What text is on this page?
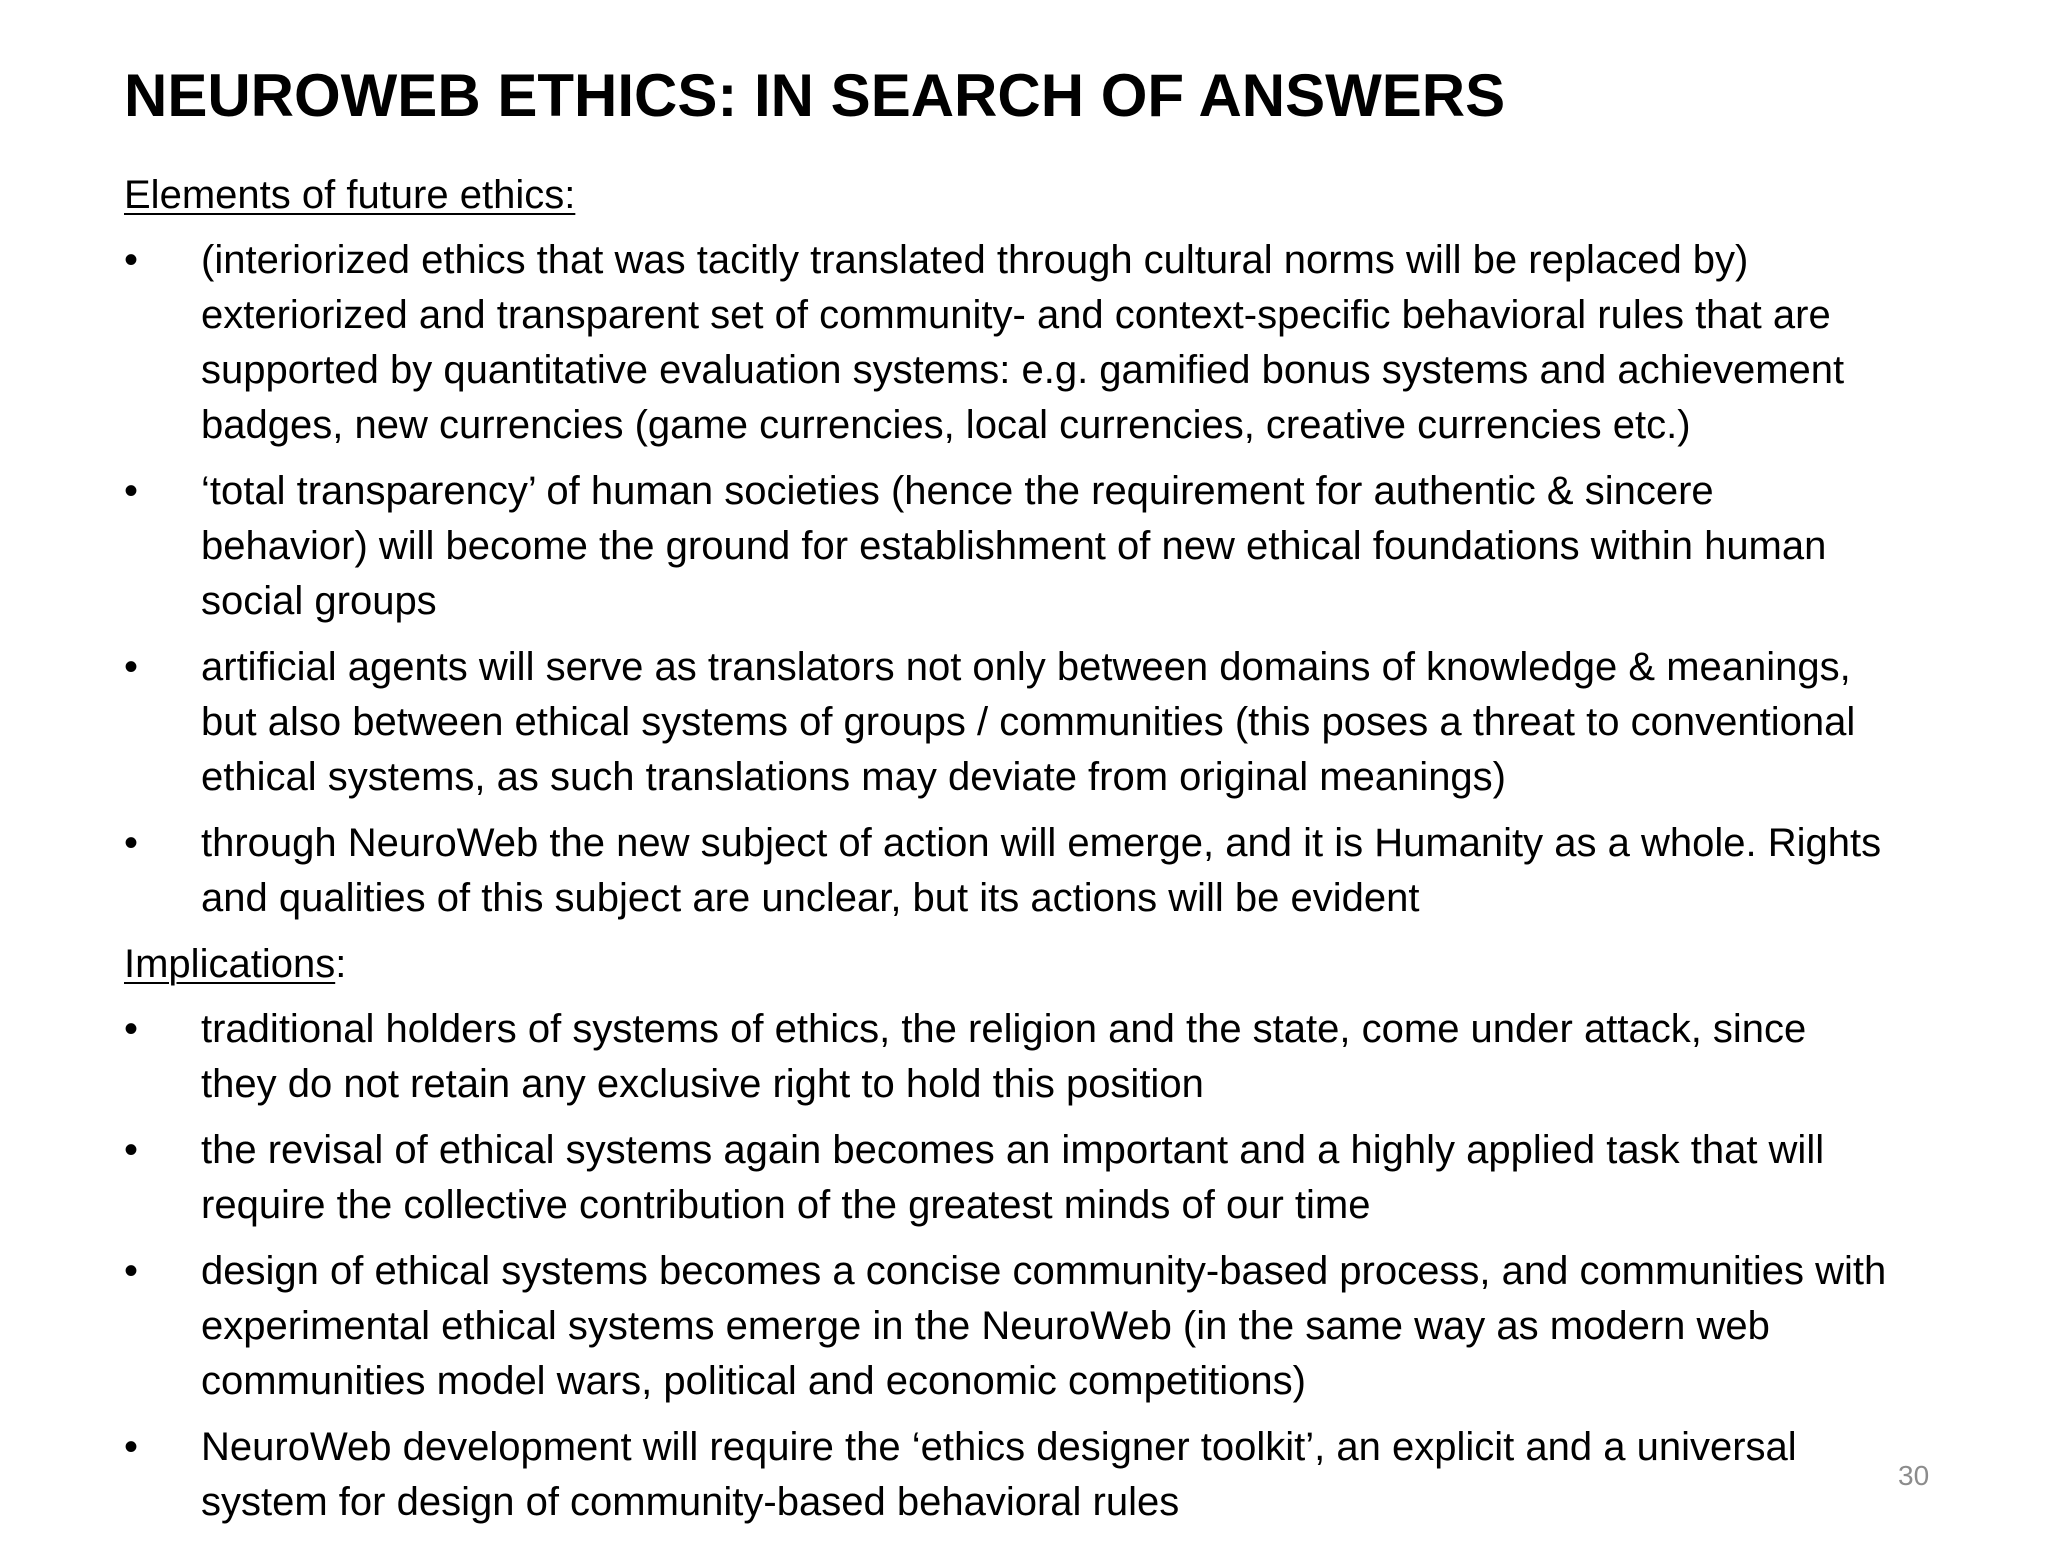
NEUROWEB ETHICS: IN SEARCH OF ANSWERS
Elements of future ethics:
•	(interiorized ethics that was tacitly translated through cultural norms will be replaced by)
exteriorized and transparent set of community- and context-specific behavioral rules that are
supported by quantitative evaluation systems: e.g. gamified bonus systems and achievement
badges, new currencies (game currencies, local currencies, creative currencies etc.)
•	‘total transparency’ of human societies (hence the requirement for authentic & sincere
behavior) will become the ground for establishment of new ethical foundations within human
social groups
•	artificial agents will serve as translators not only between domains of knowledge & meanings,
but also between ethical systems of groups / communities (this poses a threat to conventional
ethical systems, as such translations may deviate from original meanings)
•	through NeuroWeb the new subject of action will emerge, and it is Humanity as a whole. Rights
and qualities of this subject are unclear, but its actions will be evident
Implications:
•	traditional holders of systems of ethics, the religion and the state, come under attack, since
they do not retain any exclusive right to hold this position
•	the revisal of ethical systems again becomes an important and a highly applied task that will
require the collective contribution of the greatest minds of our time
•	design of ethical systems becomes a concise community-based process, and communities with
experimental ethical systems emerge in the NeuroWeb (in the same way as modern web
communities model wars, political and economic competitions)
•	NeuroWeb development will require the ‘ethics designer toolkit’, an explicit and a universal
system for design of community-based behavioral rules
30
